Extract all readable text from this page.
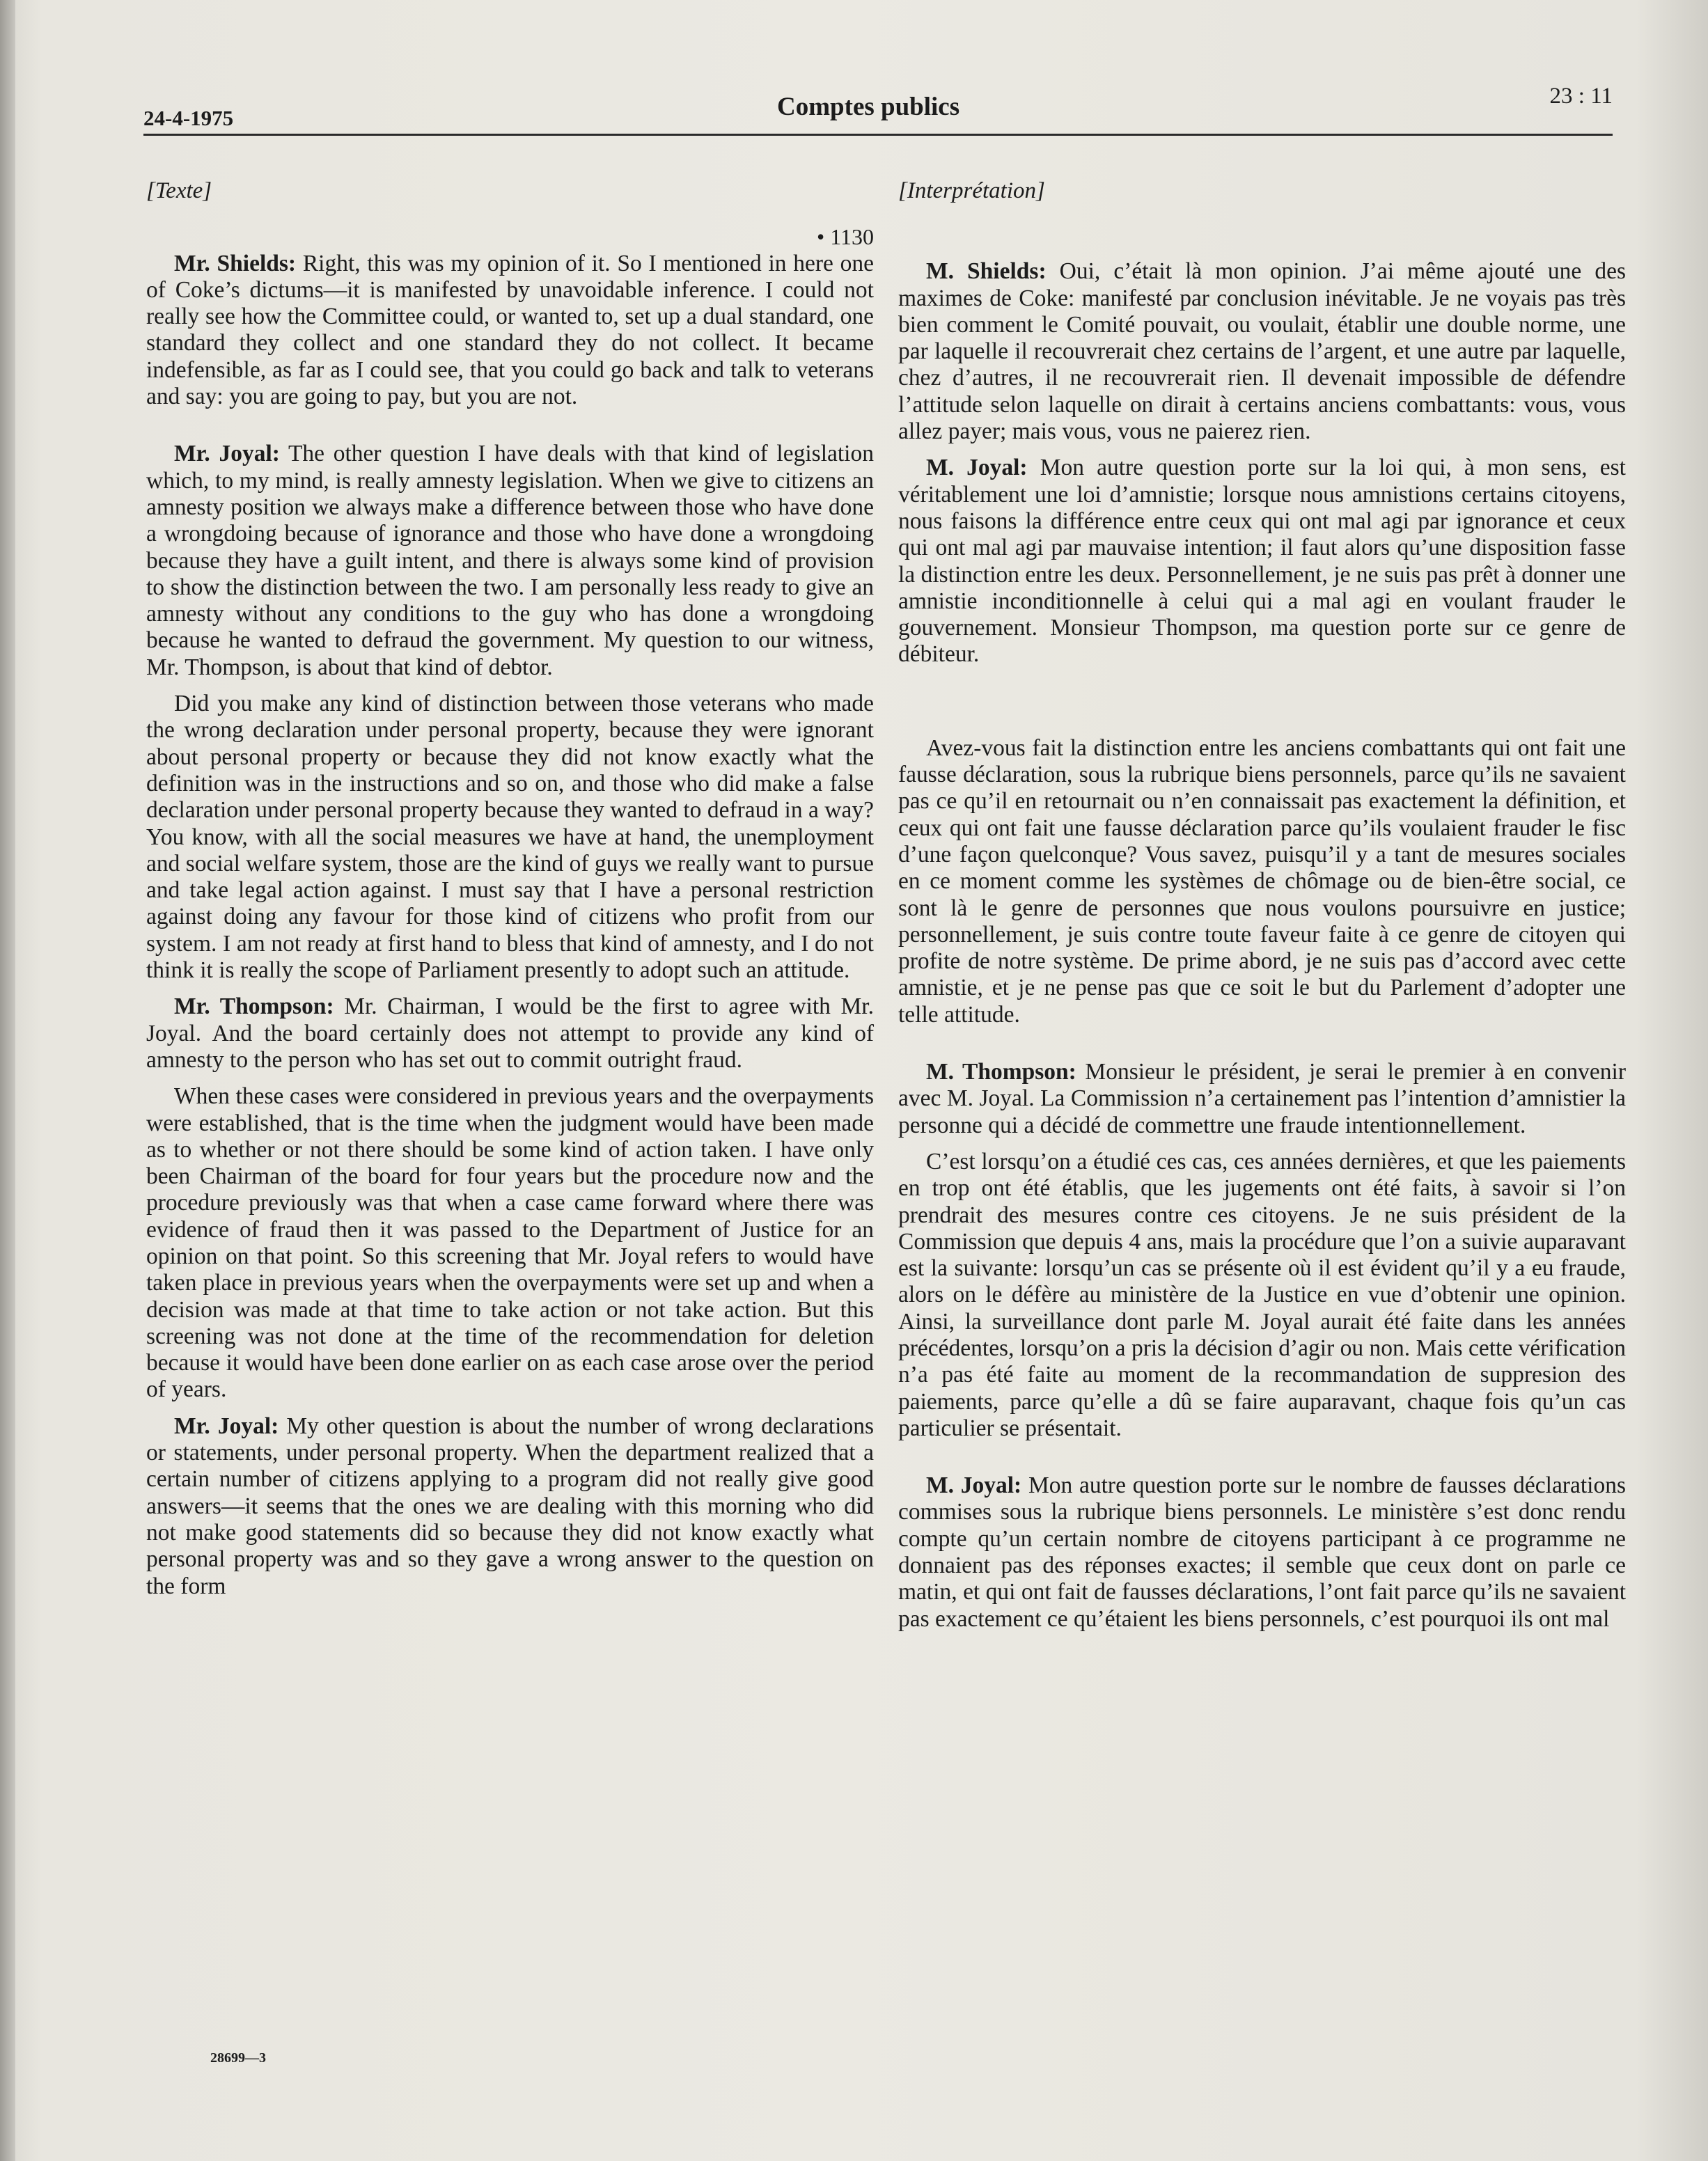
24-4-1975	Comptes publics	23 : 11
[Texte]
• 1130

Mr. Shields: Right, this was my opinion of it. So I mentioned in here one of Coke’s dictums—it is manifested by unavoidable inference. I could not really see how the Committee could, or wanted to, set up a dual standard, one standard they collect and one standard they do not collect. It became indefensible, as far as I could see, that you could go back and talk to veterans and say: you are going to pay, but you are not.

Mr. Joyal: The other question I have deals with that kind of legislation which, to my mind, is really amnesty legislation. When we give to citizens an amnesty position we always make a difference between those who have done a wrongdoing because of ignorance and those who have done a wrongdoing because they have a guilt intent, and there is always some kind of provision to show the distinction between the two. I am personally less ready to give an amnesty without any conditions to the guy who has done a wrongdoing because he wanted to defraud the government. My question to our witness, Mr. Thompson, is about that kind of debtor.

Did you make any kind of distinction between those veterans who made the wrong declaration under personal property, because they were ignorant about personal property or because they did not know exactly what the definition was in the instructions and so on, and those who did make a false declaration under personal property because they wanted to defraud in a way? You know, with all the social measures we have at hand, the unemployment and social welfare system, those are the kind of guys we really want to pursue and take legal action against. I must say that I have a personal restriction against doing any favour for those kind of citizens who profit from our system. I am not ready at first hand to bless that kind of amnesty, and I do not think it is really the scope of Parliament presently to adopt such an attitude.

Mr. Thompson: Mr. Chairman, I would be the first to agree with Mr. Joyal. And the board certainly does not attempt to provide any kind of amnesty to the person who has set out to commit outright fraud.

When these cases were considered in previous years and the overpayments were established, that is the time when the judgment would have been made as to whether or not there should be some kind of action taken. I have only been Chairman of the board for four years but the procedure now and the procedure previously was that when a case came forward where there was evidence of fraud then it was passed to the Department of Justice for an opinion on that point. So this screening that Mr. Joyal refers to would have taken place in previous years when the overpayments were set up and when a decision was made at that time to take action or not take action. But this screening was not done at the time of the recommendation for deletion because it would have been done earlier on as each case arose over the period of years.

Mr. Joyal: My other question is about the number of wrong declarations or statements, under personal property. When the department realized that a certain number of citizens applying to a program did not really give good answers—it seems that the ones we are dealing with this morning who did not make good statements did so because they did not know exactly what personal property was and so they gave a wrong answer to the question on the form

[Interprétation]

M. Shields: Oui, c’était là mon opinion. J’ai même ajouté une des maximes de Coke: manifesté par conclusion inévitable. Je ne voyais pas très bien comment le Comité pouvait, ou voulait, établir une double norme, une par laquelle il recouvrerait chez certains de l’argent, et une autre par laquelle, chez d’autres, il ne recouvrerait rien. Il devenait impossible de défendre l’attitude selon laquelle on dirait à certains anciens combattants: vous, vous allez payer; mais vous, vous ne paierez rien.

M. Joyal: Mon autre question porte sur la loi qui, à mon sens, est véritablement une loi d’amnistie; lorsque nous amnistions certains citoyens, nous faisons la différence entre ceux qui ont mal agi par ignorance et ceux qui ont mal agi par mauvaise intention; il faut alors qu’une disposition fasse la distinction entre les deux. Personnellement, je ne suis pas prêt à donner une amnistie inconditionnelle à celui qui a mal agi en voulant frauder le gouvernement. Monsieur Thompson, ma question porte sur ce genre de débiteur.

Avez-vous fait la distinction entre les anciens combattants qui ont fait une fausse déclaration, sous la rubrique biens personnels, parce qu’ils ne savaient pas ce qu’il en retournait ou n’en connaissait pas exactement la définition, et ceux qui ont fait une fausse déclaration parce qu’ils voulaient frauder le fisc d’une façon quelconque? Vous savez, puisqu’il y a tant de mesures sociales en ce moment comme les systèmes de chômage ou de bien-être social, ce sont là le genre de personnes que nous voulons poursuivre en justice; personnellement, je suis contre toute faveur faite à ce genre de citoyen qui profite de notre système. De prime abord, je ne suis pas d’accord avec cette amnistie, et je ne pense pas que ce soit le but du Parlement d’adopter une telle attitude.

M. Thompson: Monsieur le président, je serai le premier à en convenir avec M. Joyal. La Commission n’a certainement pas l’intention d’amnistier la personne qui a décidé de commettre une fraude intentionnellement.

C’est lorsqu’on a étudié ces cas, ces années dernières, et que les paiements en trop ont été établis, que les jugements ont été faits, à savoir si l’on prendrait des mesures contre ces citoyens. Je ne suis président de la Commission que depuis 4 ans, mais la procédure que l’on a suivie auparavant est la suivante: lorsqu’un cas se présente où il est évident qu’il y a eu fraude, alors on le défère au ministère de la Justice en vue d’obtenir une opinion. Ainsi, la surveillance dont parle M. Joyal aurait été faite dans les années précédentes, lorsqu’on a pris la décision d’agir ou non. Mais cette vérification n’a pas été faite au moment de la recommandation de suppresion des paiements, parce qu’elle a dû se faire auparavant, chaque fois qu’un cas particulier se présentait.

M. Joyal: Mon autre question porte sur le nombre de fausses déclarations commises sous la rubrique biens personnels. Le ministère s’est donc rendu compte qu’un certain nombre de citoyens participant à ce programme ne donnaient pas des réponses exactes; il semble que ceux dont on parle ce matin, et qui ont fait de fausses déclarations, l’ont fait parce qu’ils ne savaient pas exactement ce qu’étaient les biens personnels, c’est pourquoi ils ont mal

28699—3
